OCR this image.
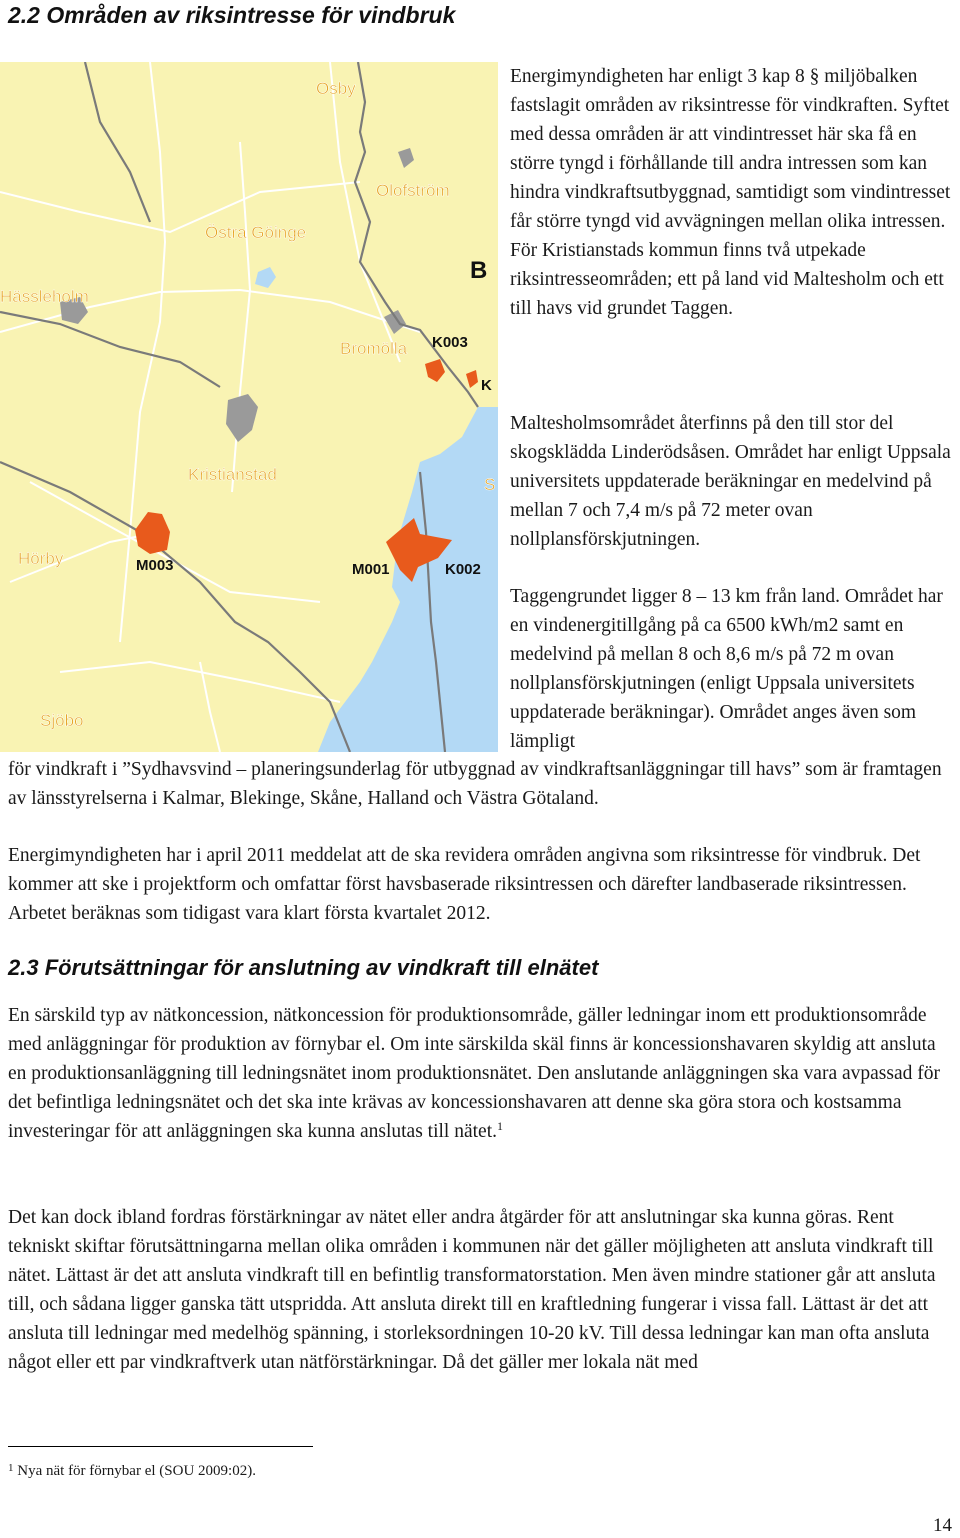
2.2 Områden av riksintresse för vindbruk
Osby
Olofström
Östra Göinge
Hässleholm
Bromölla
Kristianstad
Hörby
Sjöbo
K003
K
M003	M001	K002
B
S

Energimyndigheten har enligt 3 kap 8 § miljöbalken fastslagit områden av riksintresse för vindkraften. Syftet med dessa områden är att vindintresset här ska få en större tyngd i förhållande till andra intressen som kan hindra vindkraftsutbyggnad, samtidigt som vindintresset får större tyngd vid avvägningen mellan olika intressen. För Kristianstads kommun finns två utpekade riksintresseområden; ett på land vid Maltesholm och ett till havs vid grundet Taggen.

Maltesholmsområdet återfinns på den till stor del skogsklädda Linderödsåsen. Området har enligt Uppsala universitets uppdaterade beräkningar en medelvind på mellan 7 och 7,4 m/s på 72 meter ovan nollplansförskjutningen.

Taggengrundet ligger 8 – 13 km från land. Området har en vindenergitillgång på ca 6500 kWh/m2 samt en medelvind på mellan 8 och 8,6 m/s på 72 m ovan nollplansförskjutningen (enligt Uppsala universitets uppdaterade beräkningar). Området anges även som lämpligt

för vindkraft i ”Sydhavsvind – planeringsunderlag för utbyggnad av vindkraftsanläggningar till havs” som är framtagen av länsstyrelserna i Kalmar, Blekinge, Skåne, Halland och Västra Götaland.

Energimyndigheten har i april 2011 meddelat att de ska revidera områden angivna som riksintresse för vindbruk. Det kommer att ske i projektform och omfattar först havsbaserade riksintressen och därefter landbaserade riksintressen. Arbetet beräknas som tidigast vara klart första kvartalet 2012.

2.3 Förutsättningar för anslutning av vindkraft till elnätet

En särskild typ av nätkoncession, nätkoncession för produktionsområde, gäller ledningar inom ett produktionsområde med anläggningar för produktion av förnybar el. Om inte särskilda skäl finns är koncessionshavaren skyldig att ansluta en produktionsanläggning till ledningsnätet inom produktionsnätet. Den anslutande anläggningen ska vara avpassad för det befintliga ledningsnätet och det ska inte krävas av koncessionshavaren att denne ska göra stora och kostsamma investeringar för att anläggningen ska kunna anslutas till nätet.$^1$

Det kan dock ibland fordras förstärkningar av nätet eller andra åtgärder för att anslutningar ska kunna göras. Rent tekniskt skiftar förutsättningarna mellan olika områden i kommunen när det gäller möjligheten att ansluta vindkraft till nätet. Lättast är det att ansluta vindkraft till en befintlig transformatorstation. Men även mindre stationer går att ansluta till, och sådana ligger ganska tätt utspridda. Att ansluta direkt till en kraftledning fungerar i vissa fall. Lättast är det att ansluta till ledningar med medelhög spänning, i storleksordningen 10-20 kV. Till dessa ledningar kan man ofta ansluta något eller ett par vindkraftverk utan nätförstärkningar. Då det gäller mer lokala nät med

$^1$ Nya nät för förnybar el (SOU 2009:02).

14
